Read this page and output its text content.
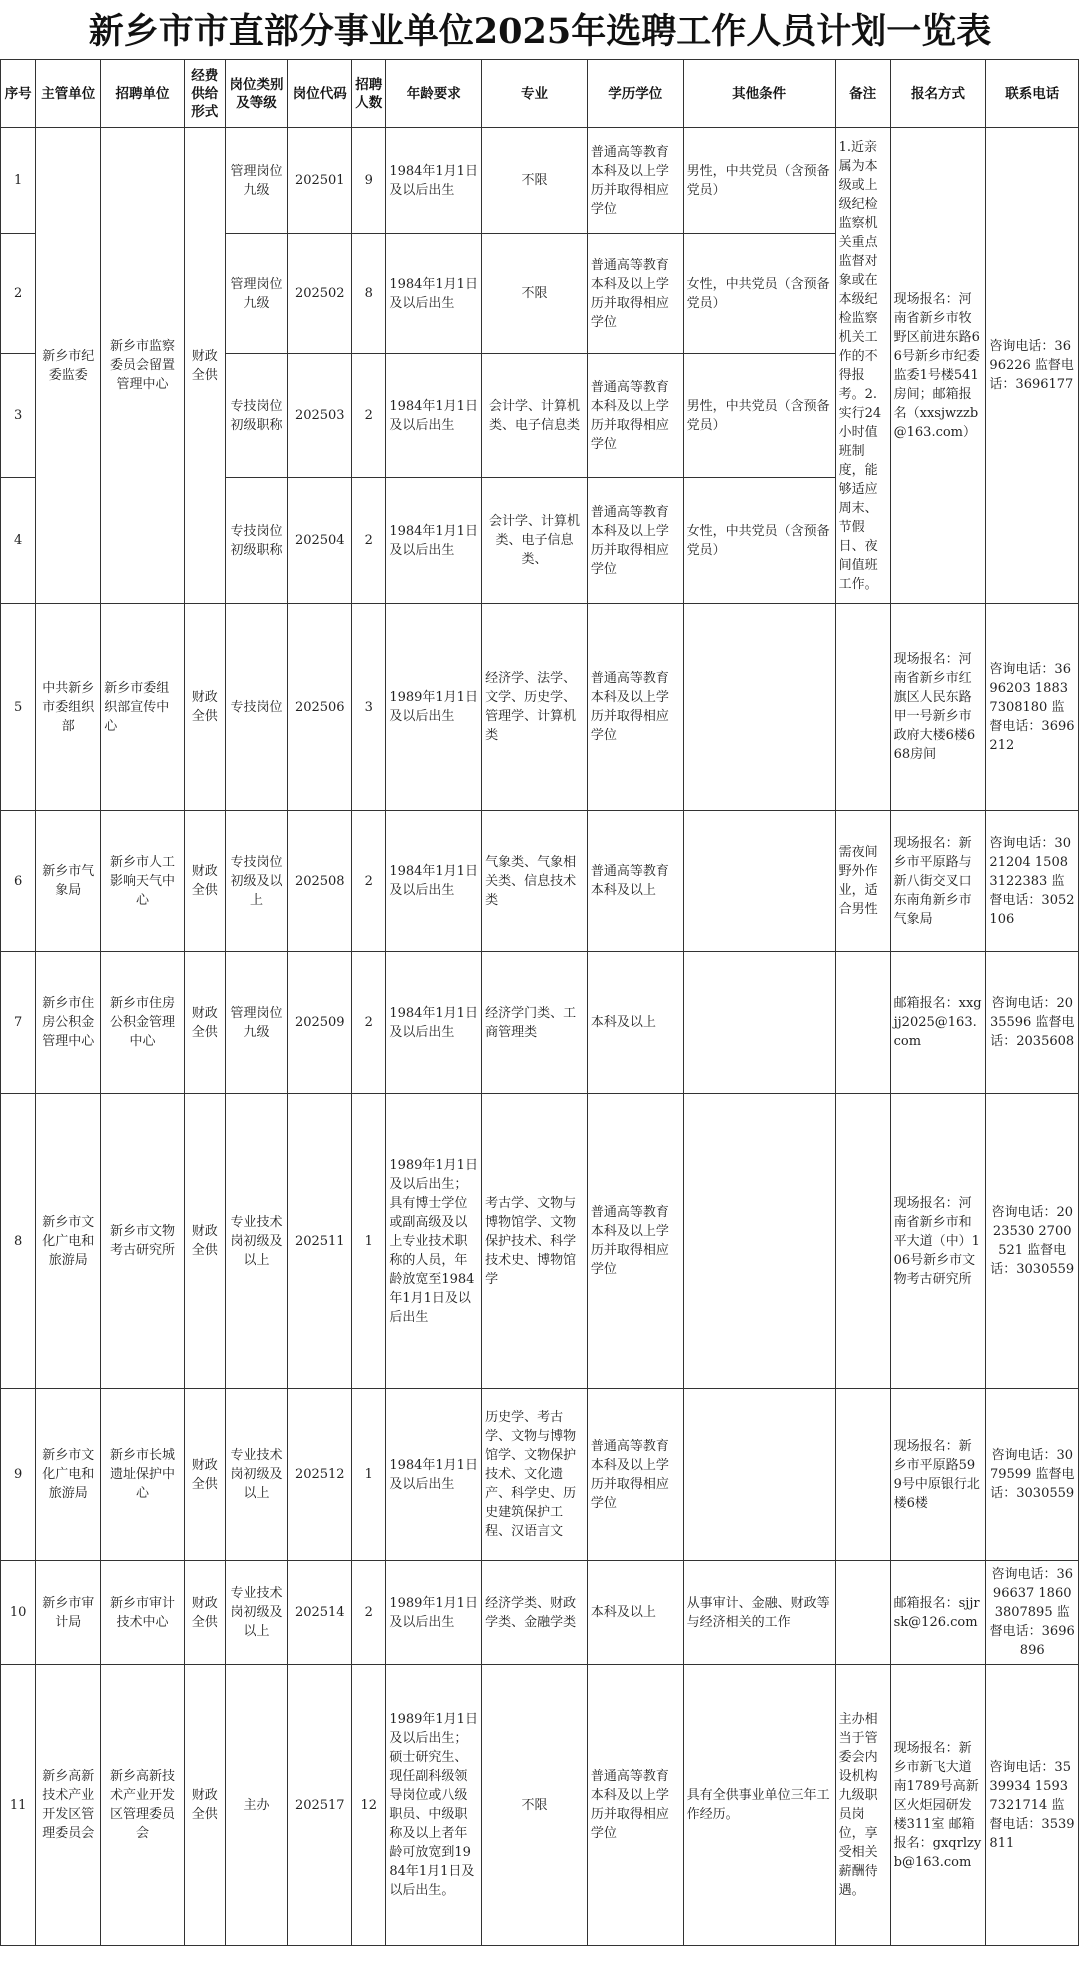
新乡市市直部分事业单位2025年选聘工作人员计划一览表
序号	主管单位	招聘单位	经费供给形式	岗位类别及等级	岗位代码	招聘人数	年龄要求	专业	学历学位	其他条件	备注	报名方式	联系电话
1	新乡市纪委监委	新乡市监察委员会留置管理中心	财政全供	管理岗位九级	202501	9	1984年1月1日及以后出生	不限	普通高等教育本科及以上学历并取得相应学位	男性，中共党员（含预备党员）	1.近亲属为本级或上级纪检监察机关重点监督对象或在本级纪检监察机关工作的不得报考。2.实行24小时值班制度，能够适应周末、节假日、夜间值班工作。	现场报名：河南省新乡市牧野区前进东路66号新乡市纪委监委1号楼541房间；邮箱报名（xxsjwzzb@163.com）	咨询电话：3696226 监督电话：3696177
2				管理岗位九级	202502	8	1984年1月1日及以后出生	不限	普通高等教育本科及以上学历并取得相应学位	女性，中共党员（含预备党员）			
3				专技岗位初级职称	202503	2	1984年1月1日及以后出生	会计学、计算机类、电子信息类	普通高等教育本科及以上学历并取得相应学位	男性，中共党员（含预备党员）			
4				专技岗位初级职称	202504	2	1984年1月1日及以后出生	会计学、计算机类、电子信息类、	普通高等教育本科及以上学历并取得相应学位	女性，中共党员（含预备党员）			
5	中共新乡市委组织部	新乡市委组织部宣传中心	财政全供	专技岗位	202506	3	1989年1月1日及以后出生	经济学、法学、文学、历史学、管理学、计算机类	普通高等教育本科及以上学历并取得相应学位			现场报名：河南省新乡市红旗区人民东路甲一号新乡市政府大楼6楼668房间	咨询电话：3696203 18837308180 监督电话：3696212
6	新乡市气象局	新乡市人工影响天气中心	财政全供	专技岗位初级及以上	202508	2	1984年1月1日及以后出生	气象类、气象相关类、信息技术类	普通高等教育本科及以上		需夜间野外作业，适合男性	现场报名：新乡市平原路与新八街交叉口东南角新乡市气象局	咨询电话：3021204 15083122383 监督电话：3052106
7	新乡市住房公积金管理中心	新乡市住房公积金管理中心	财政全供	管理岗位九级	202509	2	1984年1月1日及以后出生	经济学门类、工商管理类	本科及以上			邮箱报名：xxgjj2025@163.com	咨询电话：2035596 监督电话：2035608
8	新乡市文化广电和旅游局	新乡市文物考古研究所	财政全供	专业技术岗初级及以上	202511	1	1989年1月1日及以后出生；具有博士学位或副高级及以上专业技术职称的人员，年龄放宽至1984年1月1日及以后出生	考古学、文物与博物馆学、文物保护技术、科学技术史、博物馆学	普通高等教育本科及以上学历并取得相应学位			现场报名：河南省新乡市和平大道（中）106号新乡市文物考古研究所	咨询电话：2023530 2700521 监督电话：3030559
9	新乡市文化广电和旅游局	新乡市长城遗址保护中心	财政全供	专业技术岗初级及以上	202512	1	1984年1月1日及以后出生	历史学、考古学、文物与博物馆学、文物保护技术、文化遗产、科学史、历史建筑保护工程、汉语言文	普通高等教育本科及以上学历并取得相应学位			现场报名：新乡市平原路599号中原银行北楼6楼	咨询电话：3079599 监督电话：3030559
10	新乡市审计局	新乡市审计技术中心	财政全供	专业技术岗初级及以上	202514	2	1989年1月1日及以后出生	经济学类、财政学类、金融学类	本科及以上	从事审计、金融、财政等与经济相关的工作		邮箱报名：sjjrsk@126.com	咨询电话：3696637 18603807895 监督电话：3696896
11	新乡高新技术产业开发区管理委员会	新乡高新技术产业开发区管理委员会	财政全供	主办	202517	12	1989年1月1日及以后出生；硕士研究生、现任副科级领导岗位或八级职员、中级职称及以上者年龄可放宽到1984年1月1日及以后出生。	不限	普通高等教育本科及以上学历并取得相应学位	具有全供事业单位三年工作经历。	主办相当于管委会内设机构九级职员岗位，享受相关薪酬待遇。	现场报名：新乡市新飞大道南1789号高新区火炬园研发楼311室 邮箱报名：gxqrlzyb@163.com	咨询电话：3539934 15937321714 监督电话：3539811
